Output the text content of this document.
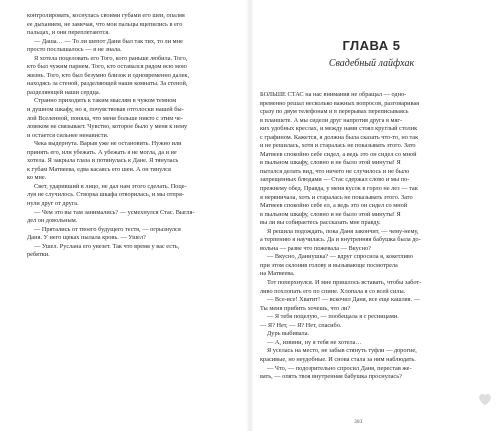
контролировать, коснулась своими губами его шеи, опаляя

ее дыханием, не замечая, что мои пальцы вцепились в его

пальцах, и они переплетаются.

— Даша… — То ли шепот Дани был так тих, то ли мне

просто послышалось — я не знала.

Я хотела поцеловать его Того, кого раньше любила. Того,

кто был чужим парнем. Того, кто оставался рядом всю мою

жизнь. Того, кто был безумно близок и одновременно далек,

находясь за стеной, разделяющей наши комнаты. За стеной,

разделяющей наши сердца.

Странно приходить к таким мыслям в чужом темном

и душном шкафу, но я, почувствовав отголоски нашей бы-

лой Вселенной, поняла, что меня больше никто с этим че-

ловеком не связывает. Чувство, которое было у меня к нему

и остается сильнее ненависти.

Чека выдернута. Варыв уже не остановить. Нужно или

принять его, или убежать. А убежать я не могла, да и не

хотела. Я закрыла глаза и потянулась к Дане. Я тянулась

к губам Матвеева, едва касаясь его шеи. А он тянулся

ко мне.

Свет, ударивший в лицо, не дал нам этого сделать. Поце-

луя не случилось. Створка шкафа отворилась, и мы отпря-

нули друг от друга.

— Чем это вы там занимались? — усмехнулся Стас. Выгля-

дел он довольным.

— Прятались от твоего будущего тестя, — огрызнулся

Даня. У него щеках пылала кровь. — Ушел?

— Ушел. Руслана его увезет. Так что время у вас есть,

ребятки.

ГЛАВА 5
Свадебный лайфхак

БОЛЬШЕ СТАС на нас внимания не обращал — одно-

временно решал несколько важных вопросов, разговаривая

сразу по двум телефонам и в перерывах переписываясь

в планшете. А мы сидели друг напротив друга в мяг-

ких удобных креслах, и между нами стоял круглый столик

с графином. Кажется, я должна была сказать что-то, но так

и не решилась, хотя и старалась не показывать этого. Зато

Матвеев спокойно себе сидел, а ведь это он сидел со мной

в пыльном шкафу, словно и не было этой минуты! Я

пытался делать вид, что ничего не случилось и не было

запрещенных блюдами — Стас сдержал слово и мы по-

прежнему обед. Правда, у меня кусок в горло не лез — так

я нервничала, хоть и старалась не показывать этого. Зато

Матвеев спокойно себе ел, а ведь это он сидел со мной

в пыльном шкафу, словно и не было этой минуты! Я

вы ли вы собираетесь рассказать мне правду.

Я решила подождать, пока Даня закончит, — чему-нему,

а терпению я научилась. Да и внутренняя бабушка была до-

вольна — разве что пожевала — Вкусно?

— Вкусно, Даниушка? — вдруг спросила я, кокетливо

при этом склонив голову и вызывающе посмотрела

на Матвеева.

Тот поперхнулся. И мне пришлось вставать, чтобы забот-

ливо похлопать его по спине. Хлопала я со всей силы.

— Все-все! Хватит! — вскочил Даня, все еще кашляя. —

Ты меня прибить хочешь, что ли?

— Я тебя поцелую, — пообещала я с ресницами.

— Я? Нет, — Я? Нет, спасибо.

Дурь выбивала.

— А, извини, ну я тебя не хотела…

Я уселась на место, не забыв стянуть туфли — дорогие,

красивые, но неудобные. И снова стала за ним наблюдать.

— Что, — подозрительно спросил Даня, перестав же-

вать, — опять твоя внутренняя бабушка проснулась?

303
